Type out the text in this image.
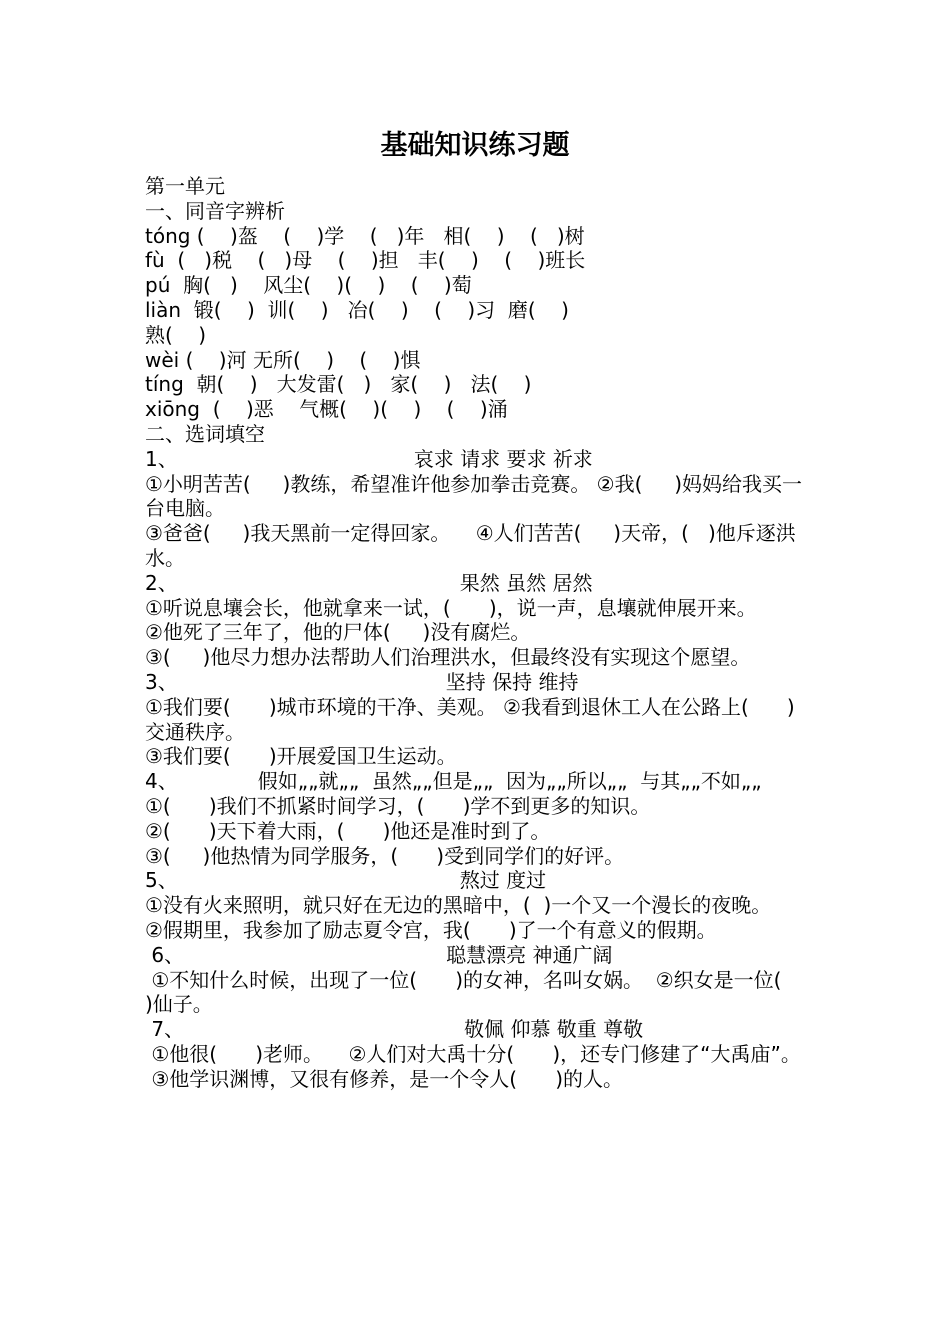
基础知识练习题
第一单元
一、同音字辨析
tóng (    )盔    (    )学    (   )年   相(    )    (   )树
fù  (   )税    (   )母    (    )担   丰(    )    (    )班长
pú  胸(   )    风尘(    )(    )    (    )萄
liàn  锻(    )  训(    )   冶(    )    (    )习  磨(    )
熟(    )
wèi (    )河 无所(    )    (    )惧
tíng  朝(    )   大发雷(   )   家(    )   法(    )
xiōng  (    )恶    气概(    )(    )    (    )涌
二、选词填空
1、	哀求 请求 要求 祈求
①小明苦苦(     )教练，希望准许他参加拳击竞赛。 ②我(     )妈妈给我买一台电脑。
③爸爸(     )我天黑前一定得回家。    ④人们苦苦(     )天帝，(   )他斥逐洪水。
2、	果然 虽然 居然
①听说息壤会长，他就拿来一试，(      )，说一声，息壤就伸展开来。
②他死了三年了，他的尸体(     )没有腐烂。
③(     )他尽力想办法帮助人们治理洪水，但最终没有实现这个愿望。
3、	坚持 保持 维持
①我们要(      )城市环境的干净、美观。 ②我看到退休工人在公路上(      )交通秩序。
③我们要(      )开展爱国卫生运动。
4、	假如„„就„„  虽然„„但是„„  因为„„所以„„  与其„„不如„„
①(      )我们不抓紧时间学习，(      )学不到更多的知识。
②(      )天下着大雨，(      )他还是准时到了。
③(     )他热情为同学服务，(      )受到同学们的好评。
5、	熬过 度过
①没有火来照明，就只好在无边的黑暗中，(  )一个又一个漫长的夜晚。
②假期里，我参加了励志夏令宫，我(      )了一个有意义的假期。
6、	聪慧漂亮 神通广阔
①不知什么时候，出现了一位(      )的女神，名叫女娲。  ②织女是一位(      )仙子。
7、	敬佩 仰慕 敬重 尊敬
①他很(      )老师。    ②人们对大禹十分(      )，还专门修建了“大禹庙”。
③他学识渊博，又很有修养，是一个令人(      )的人。
